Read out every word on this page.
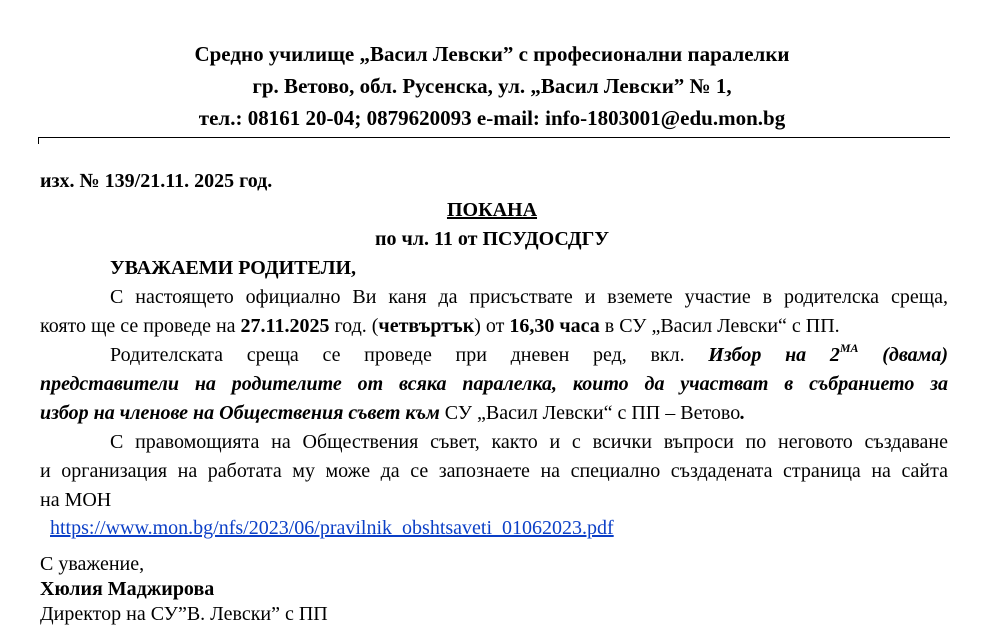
Средно училище „Васил Левски” с професионални паралелки
гр. Ветово, обл. Русенска, ул. „Васил Левски” № 1,
тел.: 08161 20-04; 0879620093 e-mail: info-1803001@edu.mon.bg
изх. № 139/21.11. 2025 год.
ПОКАНА
по чл. 11 от ПСУДОСДГУ
УВАЖАЕМИ РОДИТЕЛИ,
С настоящето официално Ви каня да присъствате и вземете участие в родителска среща,
която ще се проведе на 27.11.2025 год. (четвъртък) от 16,30 часа в СУ „Васил Левски“ с ПП.
Родителската среща се проведе при дневен ред, вкл. Избор на $2^{МА}$ (двама)
представители на родителите от всяка паралелка, които да участват в събранието за
избор на членове на Обществения съвет към СУ „Васил Левски“ с ПП – Ветово.
С правомощията на Обществения съвет, както и с всички въпроси по неговото създаване
и организация на работата му може да се запознаете на специално създадената страница на сайта
на МОН
https://www.mon.bg/nfs/2023/06/pravilnik_obshtsaveti_01062023.pdf
С уважение,
Хюлия Маджирова
Директор на СУ”В. Левски” с ПП
